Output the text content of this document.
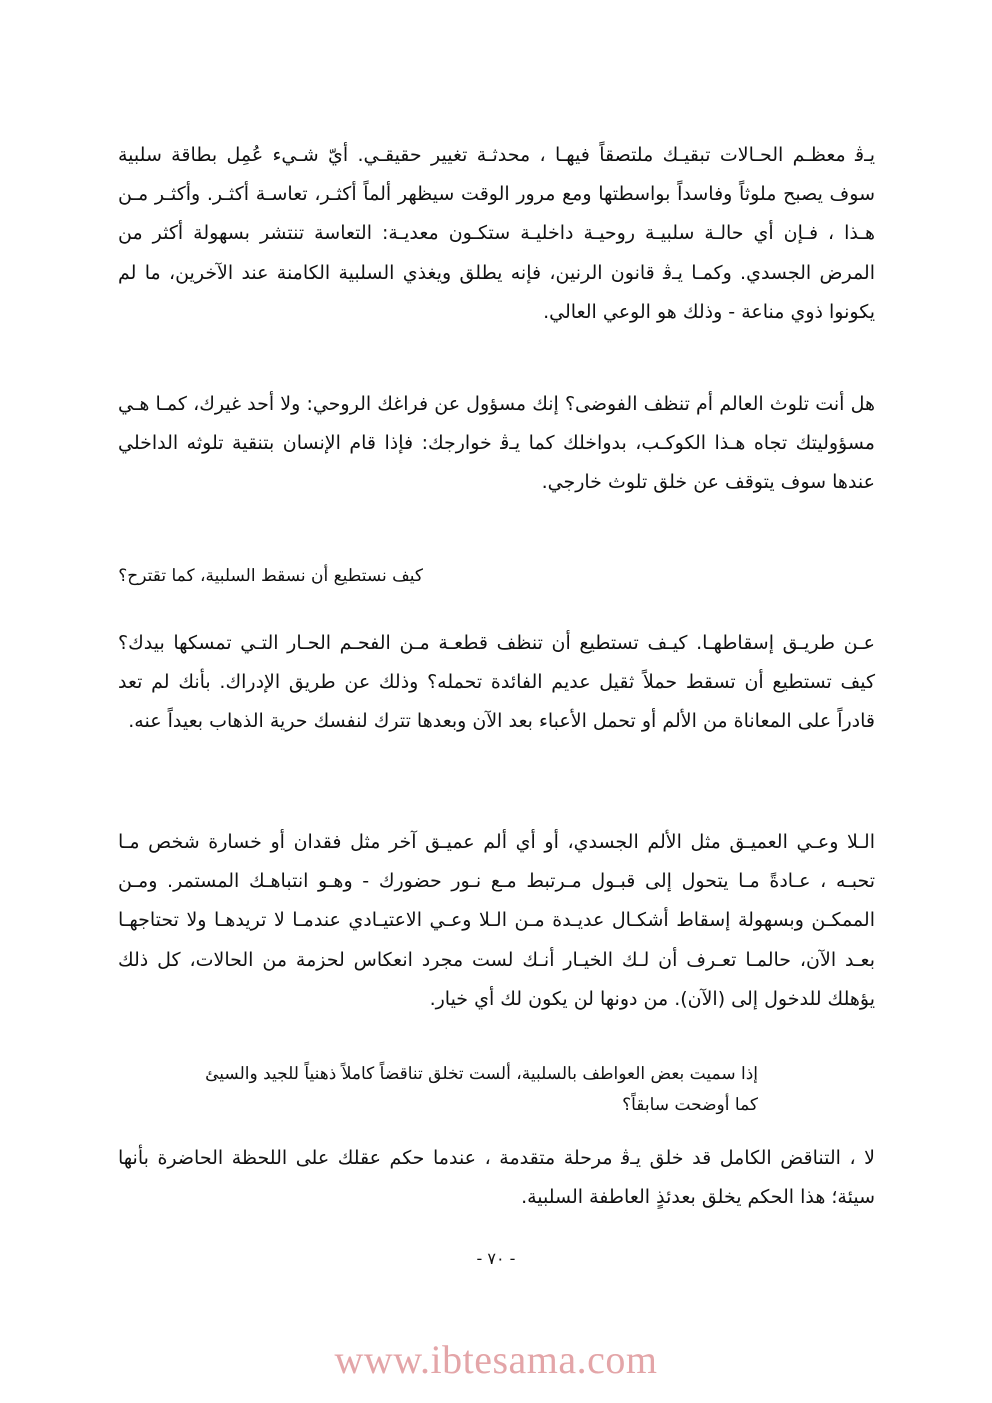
يـﭬ معظـم الحـالات تبقيـك ملتصقاً فيهـا ، محدثـة تغيير حقيقـي. أيّ شـيء عُمِل بطاقة سلبية سوف يصبح ملوثاً وفاسداً بواسطتها ومع مرور الوقت سيظهر ألماً أكثـر، تعاسـة أكثـر. وأكثـر مـن هـذا ، فـإن أي حالـة سلبيـة روحيـة داخليـة ستكـون معديـة: التعاسة تنتشر بسهولة أكثر من المرض الجسدي. وكمـا يـﭬ قانون الرنين، فإنه يطلق ويغذي السلبية الكامنة عند الآخرين، ما لم يكونوا ذوي مناعة - وذلك هو الوعي العالي.

هل أنت تلوث العالم أم تنظف الفوضى؟ إنك مسؤول عن فراغك الروحي: ولا أحد غيرك، كمـا هـي مسؤوليتك تجاه هـذا الكوكـب، بدواخلك كما يـﭬ خوارجك: فإذا قام الإنسان بتنقية تلوثه الداخلي عندها سوف يتوقف عن خلق تلوث خارجي.

كيف نستطيع أن نسقط السلبية، كما تقترح؟

عـن طريـق إسقاطهـا. كيـف تستطيع أن تنظف قطعـة مـن الفحـم الحـار التـي تمسكها بيدك؟ كيف تستطيع أن تسقط حملاً ثقيل عديم الفائدة تحمله؟ وذلك عن طريق الإدراك. بأنك لم تعد قادراً على المعاناة من الألم أو تحمل الأعباء بعد الآن وبعدها تترك لنفسك حرية الذهاب بعيداً عنه.

الـلا وعـي العميـق مثل الألم الجسدي، أو أي ألم عميـق آخر مثل فقدان أو خسارة شخص مـا تحبـه ، عـادةً مـا يتحول إلى قبـول مـرتبط مـع نـور حضورك - وهـو انتباهـك المستمر. ومـن الممكـن وبسهولة إسقاط أشكـال عديـدة مـن الـلا وعـي الاعتيـادي عندمـا لا تريدهـا ولا تحتاجهـا بعـد الآن، حالمـا تعـرف أن لـك الخيـار أنـك لست مجرد انعكاس لحزمة من الحالات، كل ذلك يؤهلك للدخول إلى (الآن). من دونها لن يكون لك أي خيار.

إذا سميت بعض العواطف بالسلبية، ألست تخلق تناقضاً كاملاً ذهنياً للجيد والسيئ كما أوضحت سابقاً؟

لا ، التناقض الكامل قد خلق يـﭬ مرحلة متقدمة ، عندما حكم عقلك على اللحظة الحاضرة بأنها سيئة؛ هذا الحكم يخلق بعدئذٍ العاطفة السلبية.

- ٧٠ -
www.ibtesama.com
